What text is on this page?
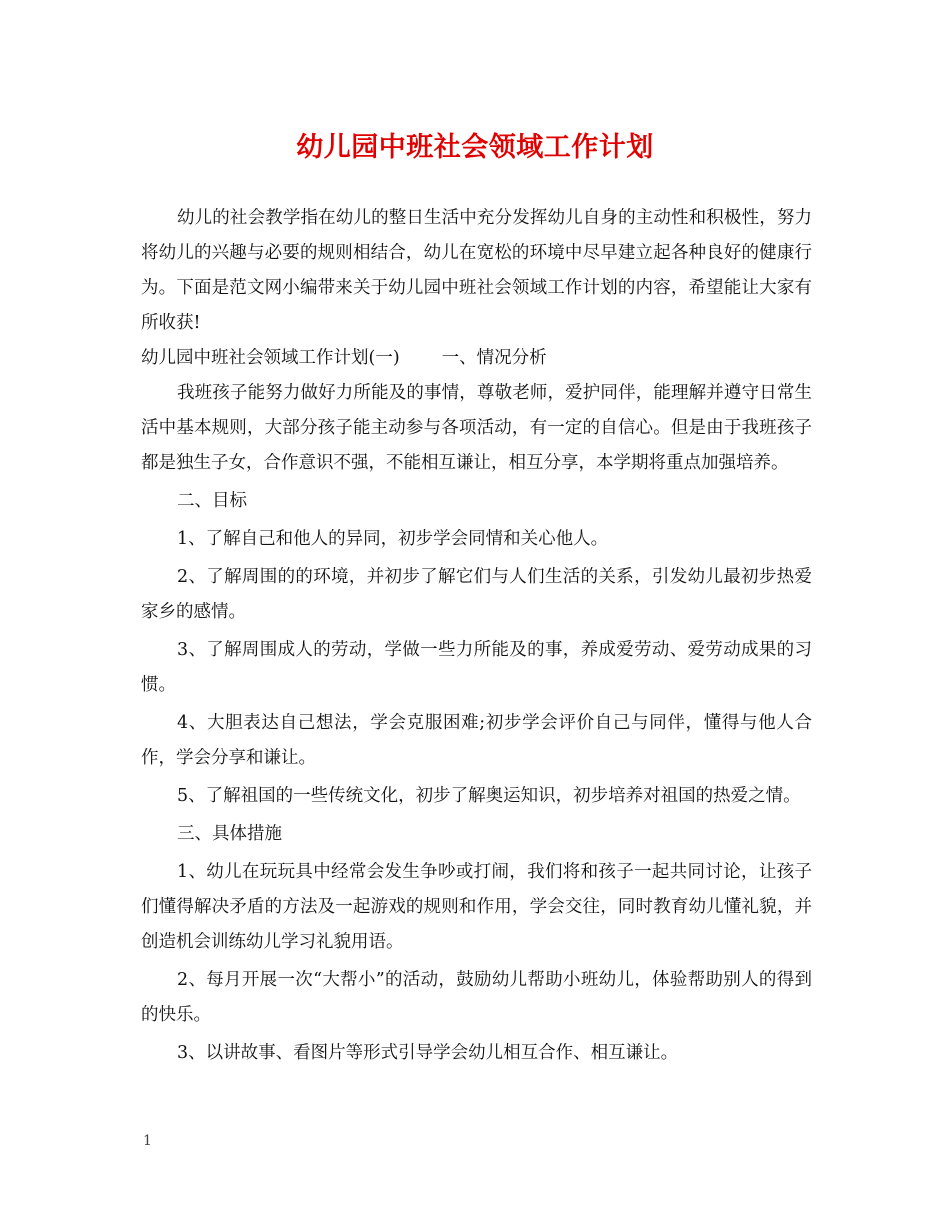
幼儿园中班社会领域工作计划

幼儿的社会教学指在幼儿的整日生活中充分发挥幼儿自身的主动性和积极性，努力将幼儿的兴趣与必要的规则相结合，幼儿在宽松的环境中尽早建立起各种良好的健康行为。下面是范文网小编带来关于幼儿园中班社会领域工作计划的内容，希望能让大家有所收获!

幼儿园中班社会领域工作计划(一) 一、情况分析

我班孩子能努力做好力所能及的事情，尊敬老师，爱护同伴，能理解并遵守日常生活中基本规则，大部分孩子能主动参与各项活动，有一定的自信心。但是由于我班孩子都是独生子女，合作意识不强，不能相互谦让，相互分享，本学期将重点加强培养。

二、目标

1、了解自己和他人的异同，初步学会同情和关心他人。

2、了解周围的的环境，并初步了解它们与人们生活的关系，引发幼儿最初步热爱家乡的感情。

3、了解周围成人的劳动，学做一些力所能及的事，养成爱劳动、爱劳动成果的习惯。

4、大胆表达自己想法，学会克服困难;初步学会评价自己与同伴，懂得与他人合作，学会分享和谦让。

5、了解祖国的一些传统文化，初步了解奥运知识，初步培养对祖国的热爱之情。

三、具体措施

1、幼儿在玩玩具中经常会发生争吵或打闹，我们将和孩子一起共同讨论，让孩子们懂得解决矛盾的方法及一起游戏的规则和作用，学会交往，同时教育幼儿懂礼貌，并创造机会训练幼儿学习礼貌用语。

2、每月开展一次“大帮小”的活动，鼓励幼儿帮助小班幼儿，体验帮助别人的得到的快乐。

3、以讲故事、看图片等形式引导学会幼儿相互合作、相互谦让。

1
